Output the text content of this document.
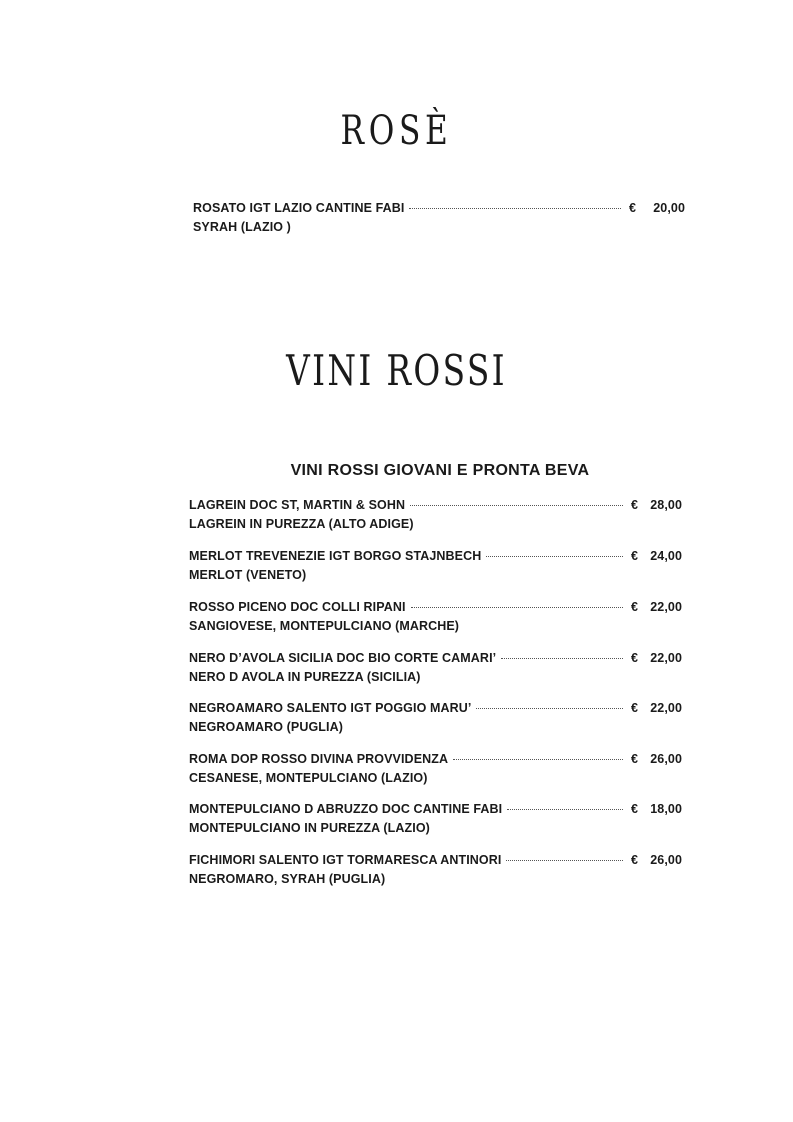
ROSÈ
ROSATO IGT LAZIO CANTINE FABI	€ 20,00
SYRAH (LAZIO )
VINI ROSSI
VINI ROSSI GIOVANI E PRONTA BEVA
LAGREIN DOC ST, MARTIN & SOHN	€ 28,00
LAGREIN IN PUREZZA (ALTO ADIGE)
MERLOT TREVENEZIE IGT BORGO STAJNBECH	€ 24,00
MERLOT (VENETO)
ROSSO PICENO DOC COLLI RIPANI	€ 22,00
SANGIOVESE, MONTEPULCIANO (MARCHE)
NERO D’AVOLA SICILIA DOC BIO CORTE CAMARI’	€ 22,00
NERO D AVOLA IN PUREZZA (SICILIA)
NEGROAMARO SALENTO IGT POGGIO MARU’	€ 22,00
NEGROAMARO (PUGLIA)
ROMA DOP ROSSO DIVINA PROVVIDENZA	€ 26,00
CESANESE, MONTEPULCIANO (LAZIO)
MONTEPULCIANO D ABRUZZO DOC CANTINE FABI	€ 18,00
MONTEPULCIANO IN PUREZZA (LAZIO)
FICHIMORI SALENTO IGT TORMARESCA ANTINORI	€ 26,00
NEGROMARO, SYRAH (PUGLIA)
